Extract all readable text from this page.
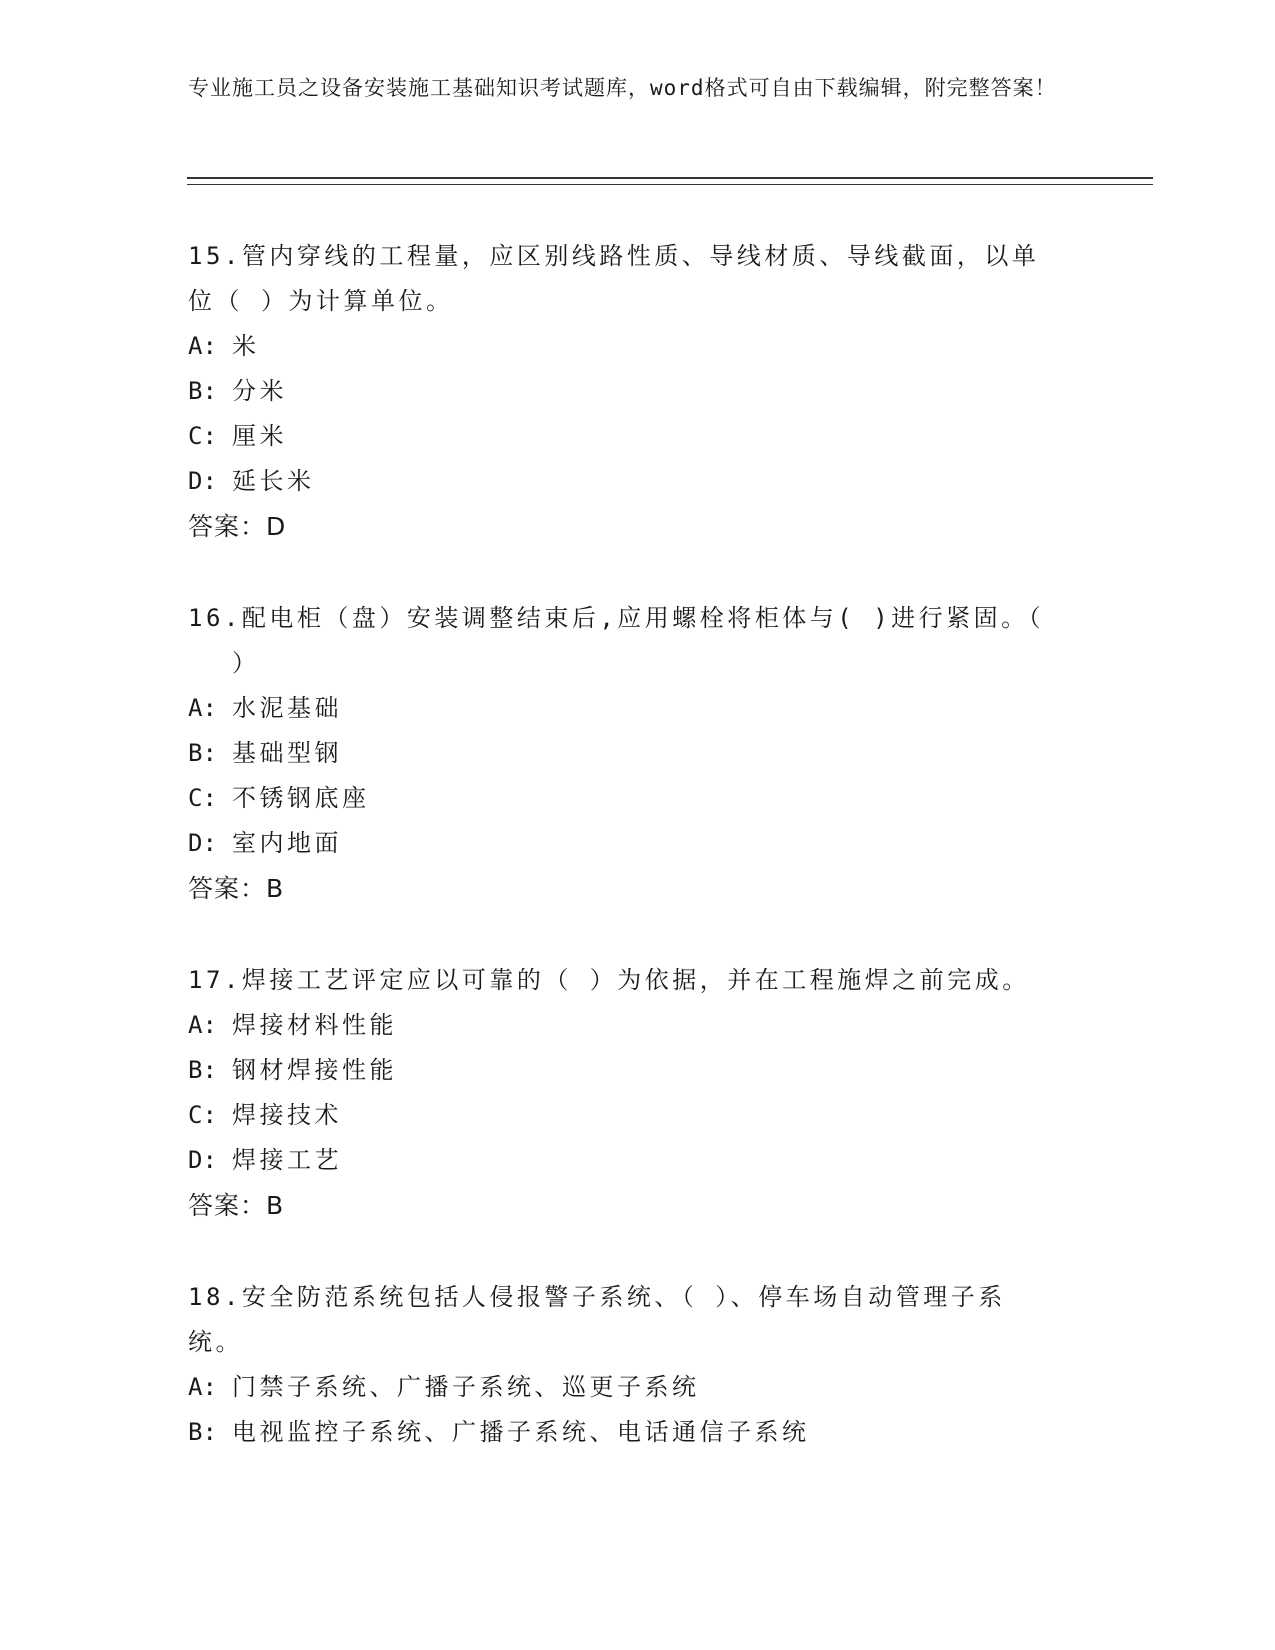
专业施工员之设备安装施工基础知识考试题库，word格式可自由下载编辑，附完整答案！
15.管内穿线的工程量，应区别线路性质、导线材质、导线截面，以单
位（ ）为计算单位。
A: 米
B: 分米
C: 厘米
D: 延长米
答案：D
16.配电柜（盘）安装调整结束后,应用螺栓将柜体与( )进行紧固。（
）
A: 水泥基础
B: 基础型钢
C: 不锈钢底座
D: 室内地面
答案：B
17.焊接工艺评定应以可靠的（ ）为依据，并在工程施焊之前完成。
A: 焊接材料性能
B: 钢材焊接性能
C: 焊接技术
D: 焊接工艺
答案：B
18.安全防范系统包括人侵报警子系统、（ ）、停车场自动管理子系
统。
A: 门禁子系统、广播子系统、巡更子系统
B: 电视监控子系统、广播子系统、电话通信子系统
